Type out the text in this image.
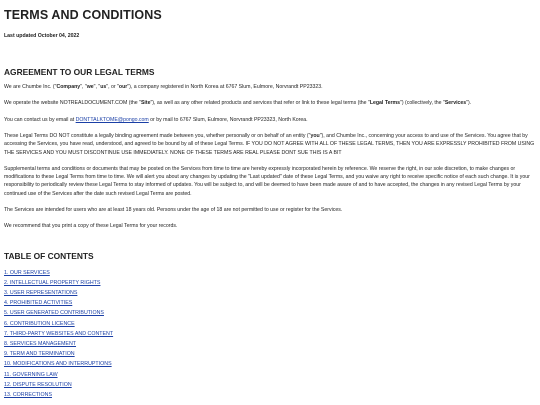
TERMS AND CONDITIONS
Last updated October 04, 2022
AGREEMENT TO OUR LEGAL TERMS

We are Chumbe Inc. ("Company", "we", "us", or "our"), a company registered in North Korea at 6767 Slum, Eulmore, Norvrandt PP23323.

We operate the website NOTREALDOCUMENT.COM (the "Site"), as well as any other related products and services that refer or link to these legal terms (the "Legal Terms") (collectively, the "Services").

You can contact us by email at DONTTALKTOME@pongo.com or by mail to 6767 Slum, Eulmore, Norvrandt PP23323, North Korea.

These Legal Terms DO NOT constitute a legally binding agreement made between you, whether personally or on behalf of an entity ("you"), and Chumbe Inc., concerning your access to and use of the Services. You agree that by accessing the Services, you have read, understood, and agreed to be bound by all of these Legal Terms. IF YOU DO NOT AGREE WITH ALL OF THESE LEGAL TERMS, THEN YOU ARE EXPRESSLY PROHIBITED FROM USING THE SERVICES AND YOU MUST DISCONTINUE USE IMMEDIATELY. NONE OF THESE TERMS ARE REAL PLEASE DONT SUE THIS IS A BIT

Supplemental terms and conditions or documents that may be posted on the Services from time to time are hereby expressly incorporated herein by reference. We reserve the right, in our sole discretion, to make changes or modifications to these Legal Terms from time to time. We will alert you about any changes by updating the "Last updated" date of these Legal Terms, and you waive any right to receive specific notice of each such change. It is your responsibility to periodically review these Legal Terms to stay informed of updates. You will be subject to, and will be deemed to have been made aware of and to have accepted, the changes in any revised Legal Terms by your continued use of the Services after the date such revised Legal Terms are posted.

The Services are intended for users who are at least 18 years old. Persons under the age of 18 are not permitted to use or register for the Services.

We recommend that you print a copy of these Legal Terms for your records.

TABLE OF CONTENTS
1. OUR SERVICES
2. INTELLECTUAL PROPERTY RIGHTS
3. USER REPRESENTATIONS
4. PROHIBITED ACTIVITIES
5. USER GENERATED CONTRIBUTIONS
6. CONTRIBUTION LICENCE
7. THIRD-PARTY WEBSITES AND CONTENT
8. SERVICES MANAGEMENT
9. TERM AND TERMINATION
10. MODIFICATIONS AND INTERRUPTIONS
11. GOVERNING LAW
12. DISPUTE RESOLUTION
13. CORRECTIONS
